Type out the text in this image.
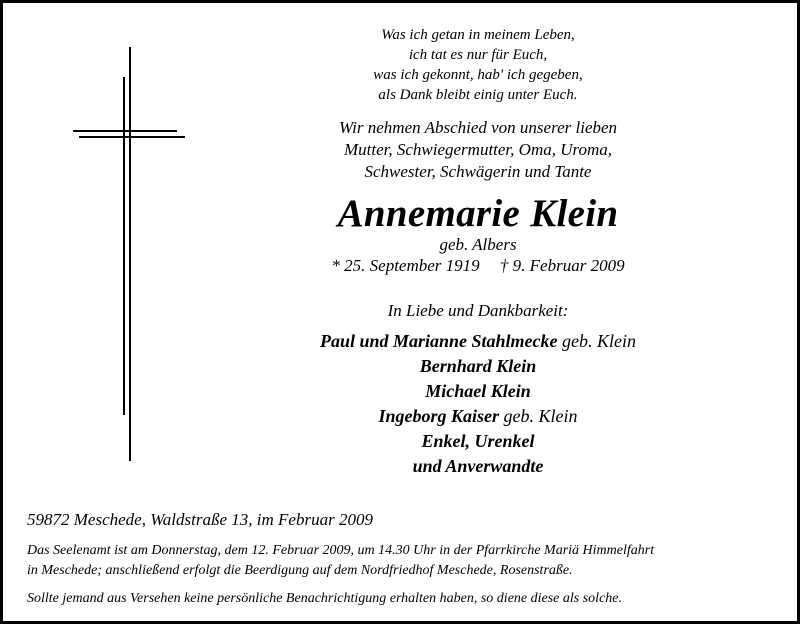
Was ich getan in meinem Leben,

ich tat es nur für Euch,

was ich gekonnt, hab' ich gegeben,

als Dank bleibt einig unter Euch.

Wir nehmen Abschied von unserer lieben

Mutter, Schwiegermutter, Oma, Uroma,

Schwester, Schwägerin und Tante

Annemarie Klein
geb. Albers
* 25. September 1919 † 9. Februar 2009
In Liebe und Dankbarkeit:

Paul und Marianne Stahlmecke geb. Klein

Bernhard Klein

Michael Klein

Ingeborg Kaiser geb. Klein

Enkel, Urenkel

und Anverwandte

59872 Meschede, Waldstraße 13, im Februar 2009

Das Seelenamt ist am Donnerstag, dem 12. Februar 2009, um 14.30 Uhr in der Pfarrkirche Mariä Himmelfahrt

in Meschede; anschließend erfolgt die Beerdigung auf dem Nordfriedhof Meschede, Rosenstraße.

Sollte jemand aus Versehen keine persönliche Benachrichtigung erhalten haben, so diene diese als solche.
